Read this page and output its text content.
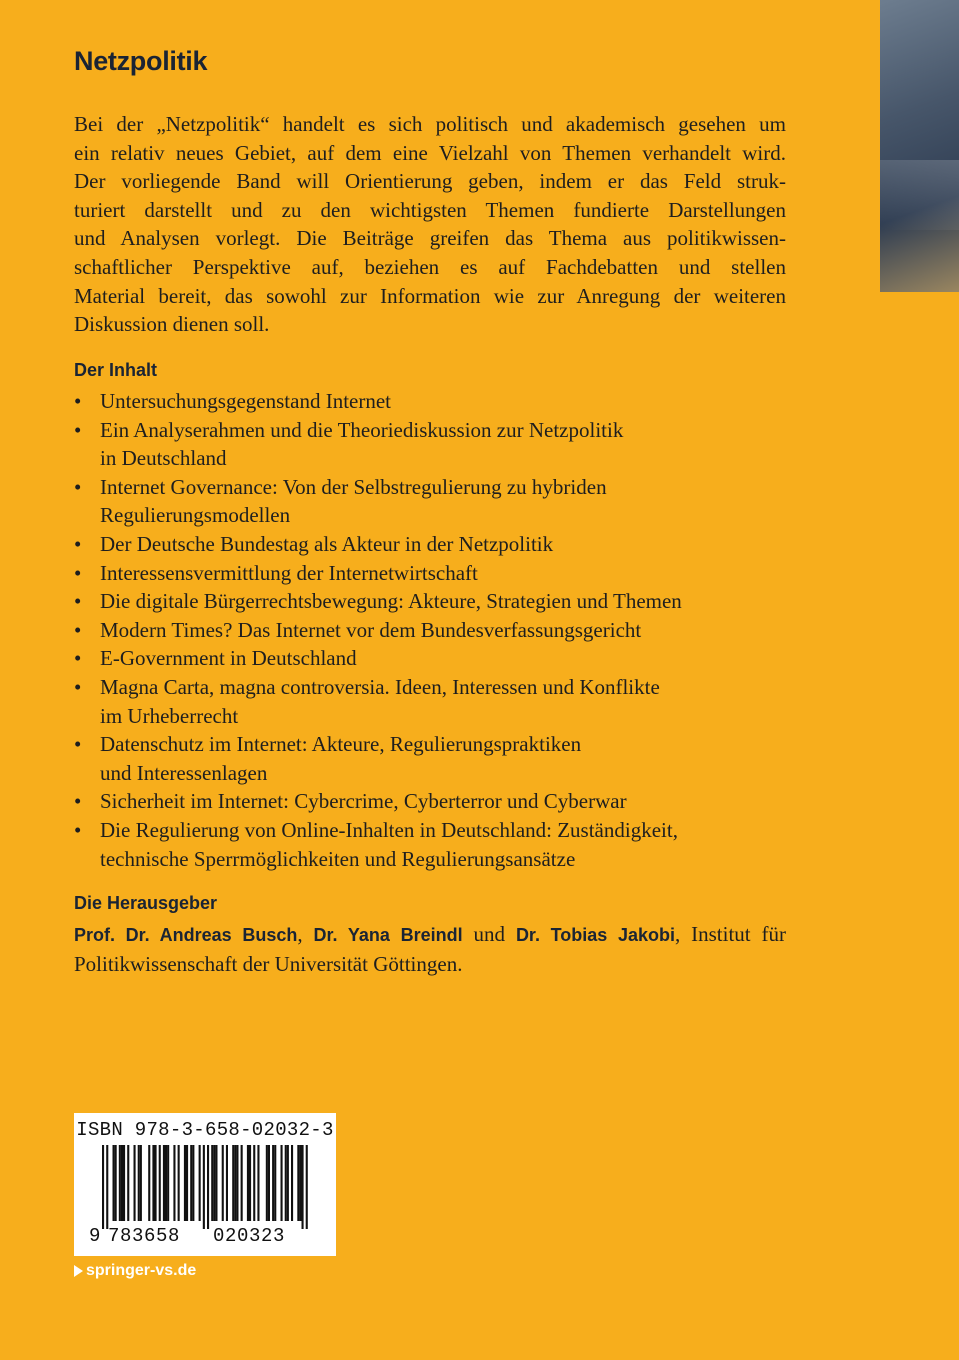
Netzpolitik

Bei der „Netzpolitik“ handelt es sich politisch und akademisch gesehen um
ein relativ neues Gebiet, auf dem eine Vielzahl von Themen verhandelt wird.
Der vorliegende Band will Orientierung geben, indem er das Feld struk-
turiert darstellt und zu den wichtigsten Themen fundierte Darstellungen
und Analysen vorlegt. Die Beiträge greifen das Thema aus politikwissen-
schaftlicher Perspektive auf, beziehen es auf Fachdebatten und stellen
Material bereit, das sowohl zur Information wie zur Anregung der weiteren
Diskussion dienen soll.

Der Inhalt
• Untersuchungsgegenstand Internet
• Ein Analyserahmen und die Theoriediskussion zur Netzpolitik
in Deutschland
• Internet Governance: Von der Selbstregulierung zu hybriden
Regulierungsmodellen
• Der Deutsche Bundestag als Akteur in der Netzpolitik
• Interessensvermittlung der Internetwirtschaft
• Die digitale Bürgerrechtsbewegung: Akteure, Strategien und Themen
• Modern Times? Das Internet vor dem Bundesverfassungsgericht
• E-Government in Deutschland
• Magna Carta, magna controversia. Ideen, Interessen und Konflikte
im Urheberrecht
• Datenschutz im Internet: Akteure, Regulierungspraktiken
und Interessenlagen
• Sicherheit im Internet: Cybercrime, Cyberterror und Cyberwar
• Die Regulierung von Online-Inhalten in Deutschland: Zuständigkeit,
technische Sperrmöglichkeiten und Regulierungsansätze
Die Herausgeber

Prof. Dr. Andreas Busch, Dr. Yana Breindl und Dr. Tobias Jakobi, Institut für
Politikwissenschaft der Universität Göttingen.

ISBN 978-3-658-02032-3
9 783658 020323
springer-vs.de
